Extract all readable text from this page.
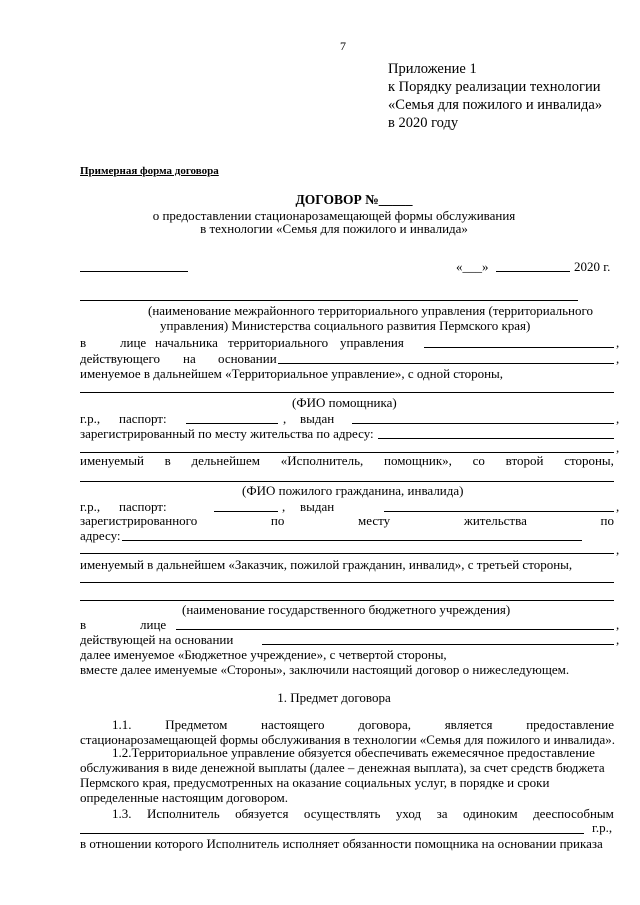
7
Приложение 1
к Порядку реализации технологии
«Семья для пожилого и инвалида»
в 2020 году
Примерная форма договора
ДОГОВОР №_____
о предоставлении стационарозамещающей формы обслуживания
в технологии «Семья для пожилого и инвалида»
«___»	2020 г.
(наименование межрайонного территориального управления (территориального
управления) Министерства социального развития Пермского края)
в	лице начальника территориального управления	,
действующего на основании	,
именуемое в дальнейшем «Территориальное управление», с одной стороны,
(ФИО помощника)
г.р., паспорт:	, выдан	,
зарегистрированный по месту жительства по адресу:
,
именуемый в дельнейшем «Исполнитель, помощник», со второй стороны,
(ФИО пожилого гражданина, инвалида)
г.р., паспорт:	, выдан	,
зарегистрированного	по	месту	жительства	по
адресу:
,
именуемый в дальнейшем «Заказчик, пожилой гражданин, инвалид», с третьей стороны,
(наименование государственного бюджетного учреждения)
в	лице	,
действующей на основании	,
далее именуемое «Бюджетное учреждение», с четвертой стороны,
вместе далее именуемые «Стороны», заключили настоящий договор о нижеследующем.
1. Предмет договора
1.1.	Предметом	настоящего	договора,	является	предоставление
стационарозамещающей формы обслуживания в технологии «Семья для пожилого и инвалида».
1.2.Территориальное управление обязуется обеспечивать ежемесячное предоставление
обслуживания в виде денежной выплаты (далее – денежная выплата), за счет средств бюджета
Пермского края, предусмотренных на оказание социальных услуг, в порядке и сроки
определенные настоящим договором.
1.3. Исполнитель обязуется осуществлять уход за одиноким дееспособным
г.р.,
в отношении которого Исполнитель исполняет обязанности помощника на основании приказа
